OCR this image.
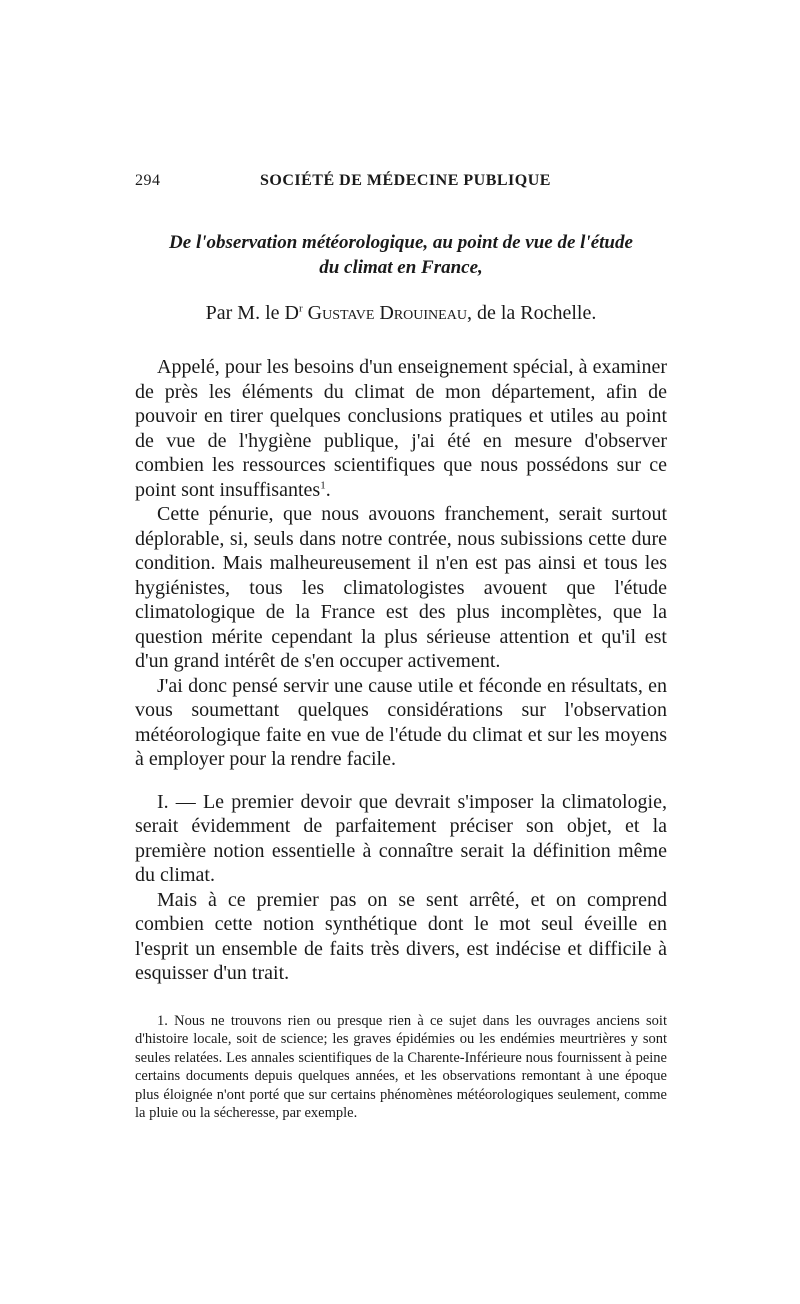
294	SOCIÉTÉ DE MÉDECINE PUBLIQUE
De l'observation météorologique, au point de vue de l'étude
du climat en France,
Par M. le $D^r$ Gustave Drouineau, de la Rochelle.

Appelé, pour les besoins d'un enseignement spécial, à examiner de près les éléments du climat de mon département, afin de pouvoir en tirer quelques conclusions pratiques et utiles au point de vue de l'hygiène publique, j'ai été en mesure d'observer combien les ressources scientifiques que nous possédons sur ce point sont insuffisantes$^1$.

Cette pénurie, que nous avouons franchement, serait surtout déplorable, si, seuls dans notre contrée, nous subissions cette dure condition. Mais malheureusement il n'en est pas ainsi et tous les hygiénistes, tous les climatologistes avouent que l'étude climatologique de la France est des plus incomplètes, que la question mérite cependant la plus sérieuse attention et qu'il est d'un grand intérêt de s'en occuper activement.

J'ai donc pensé servir une cause utile et féconde en résultats, en vous soumettant quelques considérations sur l'observation météorologique faite en vue de l'étude du climat et sur les moyens à employer pour la rendre facile.

I. — Le premier devoir que devrait s'imposer la climatologie, serait évidemment de parfaitement préciser son objet, et la première notion essentielle à connaître serait la définition même du climat.

Mais à ce premier pas on se sent arrêté, et on comprend combien cette notion synthétique dont le mot seul éveille en l'esprit un ensemble de faits très divers, est indécise et difficile à esquisser d'un trait.

1. Nous ne trouvons rien ou presque rien à ce sujet dans les ouvrages anciens soit d'histoire locale, soit de science; les graves épidémies ou les endémies meurtrières y sont seules relatées. Les annales scientifiques de la Charente-Inférieure nous fournissent à peine certains documents depuis quelques années, et les observations remontant à une époque plus éloignée n'ont porté que sur certains phénomènes météorologiques seulement, comme la pluie ou la sécheresse, par exemple.
